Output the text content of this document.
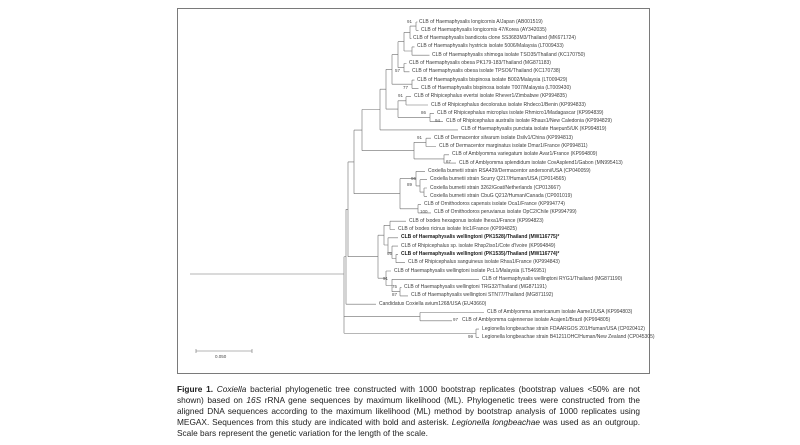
CLB of Haemaphysalis longicornis A/Japan (AB001519)
CLB of Haemaphysalis longicornis 47/Korea (AY342035)
CLB of Haemaphysalis bandicota clone SS3683M3/Thailand (MK671724)
CLB of Haemaphysalis hystricis isolate 5006/Malaysia (LT009433)
CLB of Haemaphysalis shimoga isolate TSO35/Thailand (KC170750)
CLB of Haemaphysalis obesa PK179-183/Thailand (MG871183)
CLB of Haemaphysalis obesa isolate TPSO6/Thailand (KC170738)
CLB of Haemaphysalis bispinosa isolate B002/Malaysia (LT009429)
CLB of Haemaphysalis bispinosa isolate T007/Malaysia (LT009430)
CLB of Rhipicephalus evertsi isolate Rhever1/Zimbabwe (KP994835)
CLB of Rhipicephalus decoloratus isolate Rhdeco1/Benin (KP994833)
CLB of Rhipicephalus microplus isolate Rhmicro1/Madagascar (KP994839)
CLB of Rhipicephalus australis isolate Rhaus1/New Caledonia (KP994829)
CLB of Haemaphysalis punctata isolate Haepun5/UK (KP994819)
CLB of Dermacentor silvarum isolate Dsilv1/China (KP994813)
CLB of Dermacentor marginatus isolate Dmar1/France (KP994811)
CLB of Amblyomma variegatum isolate Avar1/France (KP994809)
CLB of Amblyomma splendidum isolate CovAsplend1/Gabon (MN995413)
Coxiella burnetii strain RSA439/Dermacentor andersoni/USA (CP040059)
Coxiella burnetii strain Scurry Q217/Human/USA (CP014565)
Coxiella burnetii strain 3262/Goat/Netherlands (CP013667)
Coxiella burnetii strain CbuG Q212/Human/Canada (CP001019)
CLB of Ornithodoros capensis isolate Oca1/France (KP994774)
CLB of Ornithodoros peruvianus isolate OpC2/Chile (KP994799)
CLB of Ixodes hexagonus isolate Ihexa1/France (KP994823)
CLB of Ixodes ricinus isolate Iric1/France (KP994825)
CLB of Haemaphysalis wellingtoni (PK1528)/Thailand (MW116775)*
CLB of Rhipicephalus sp. isolate Rhsp2iso1/Cote d'Ivoire (KP994849)
CLB of Haemaphysalis wellingtoni (PK1535)/Thailand (MW116774)*
CLB of Rhipicephalus sanguineus isolate Rhsa1/France (KP994843)
CLB of Haemaphysalis wellingtoni isolate PcL1/Malaysia (LT546951)
CLB of Haemaphysalis wellingtoni RYG1/Thailand (MG871190)
CLB of Haemaphysalis wellingtoni TRG32/Thailand (MG871191)
CLB of Haemaphysalis wellingtoni STN77/Thailand (MG871192)
Candidatus Coxiella avium1268/USA (EU43660)
CLB of Amblyomma americanum isolate Aame1/USA (KP994803)
CLB of Amblyomma cajennense isolate Acajen1/Brazil (KP994805)
Legionella longbeachae strain FDAARGOS 201/Human/USA (CP020412)
Legionella longbeachae strain B41211OHC/Human/New Zealand (CP045305)
91
57
77
91
86
94
91
67
96
89
100
95
91
75
87
97
99
0.050
Figure 1. Coxiella bacterial phylogenetic tree constructed with 1000 bootstrap replicates (bootstrap values <50% are not shown) based on 16S rRNA gene sequences by maximum likelihood (ML). Phylogenetic trees were constructed from the aligned DNA sequences according to the maximum likelihood (ML) method by bootstrap analysis of 1000 replicates using MEGAX. Sequences from this study are indicated with bold and asterisk. Legionella longbeachae was used as an outgroup. Scale bars represent the genetic variation for the length of the scale.
